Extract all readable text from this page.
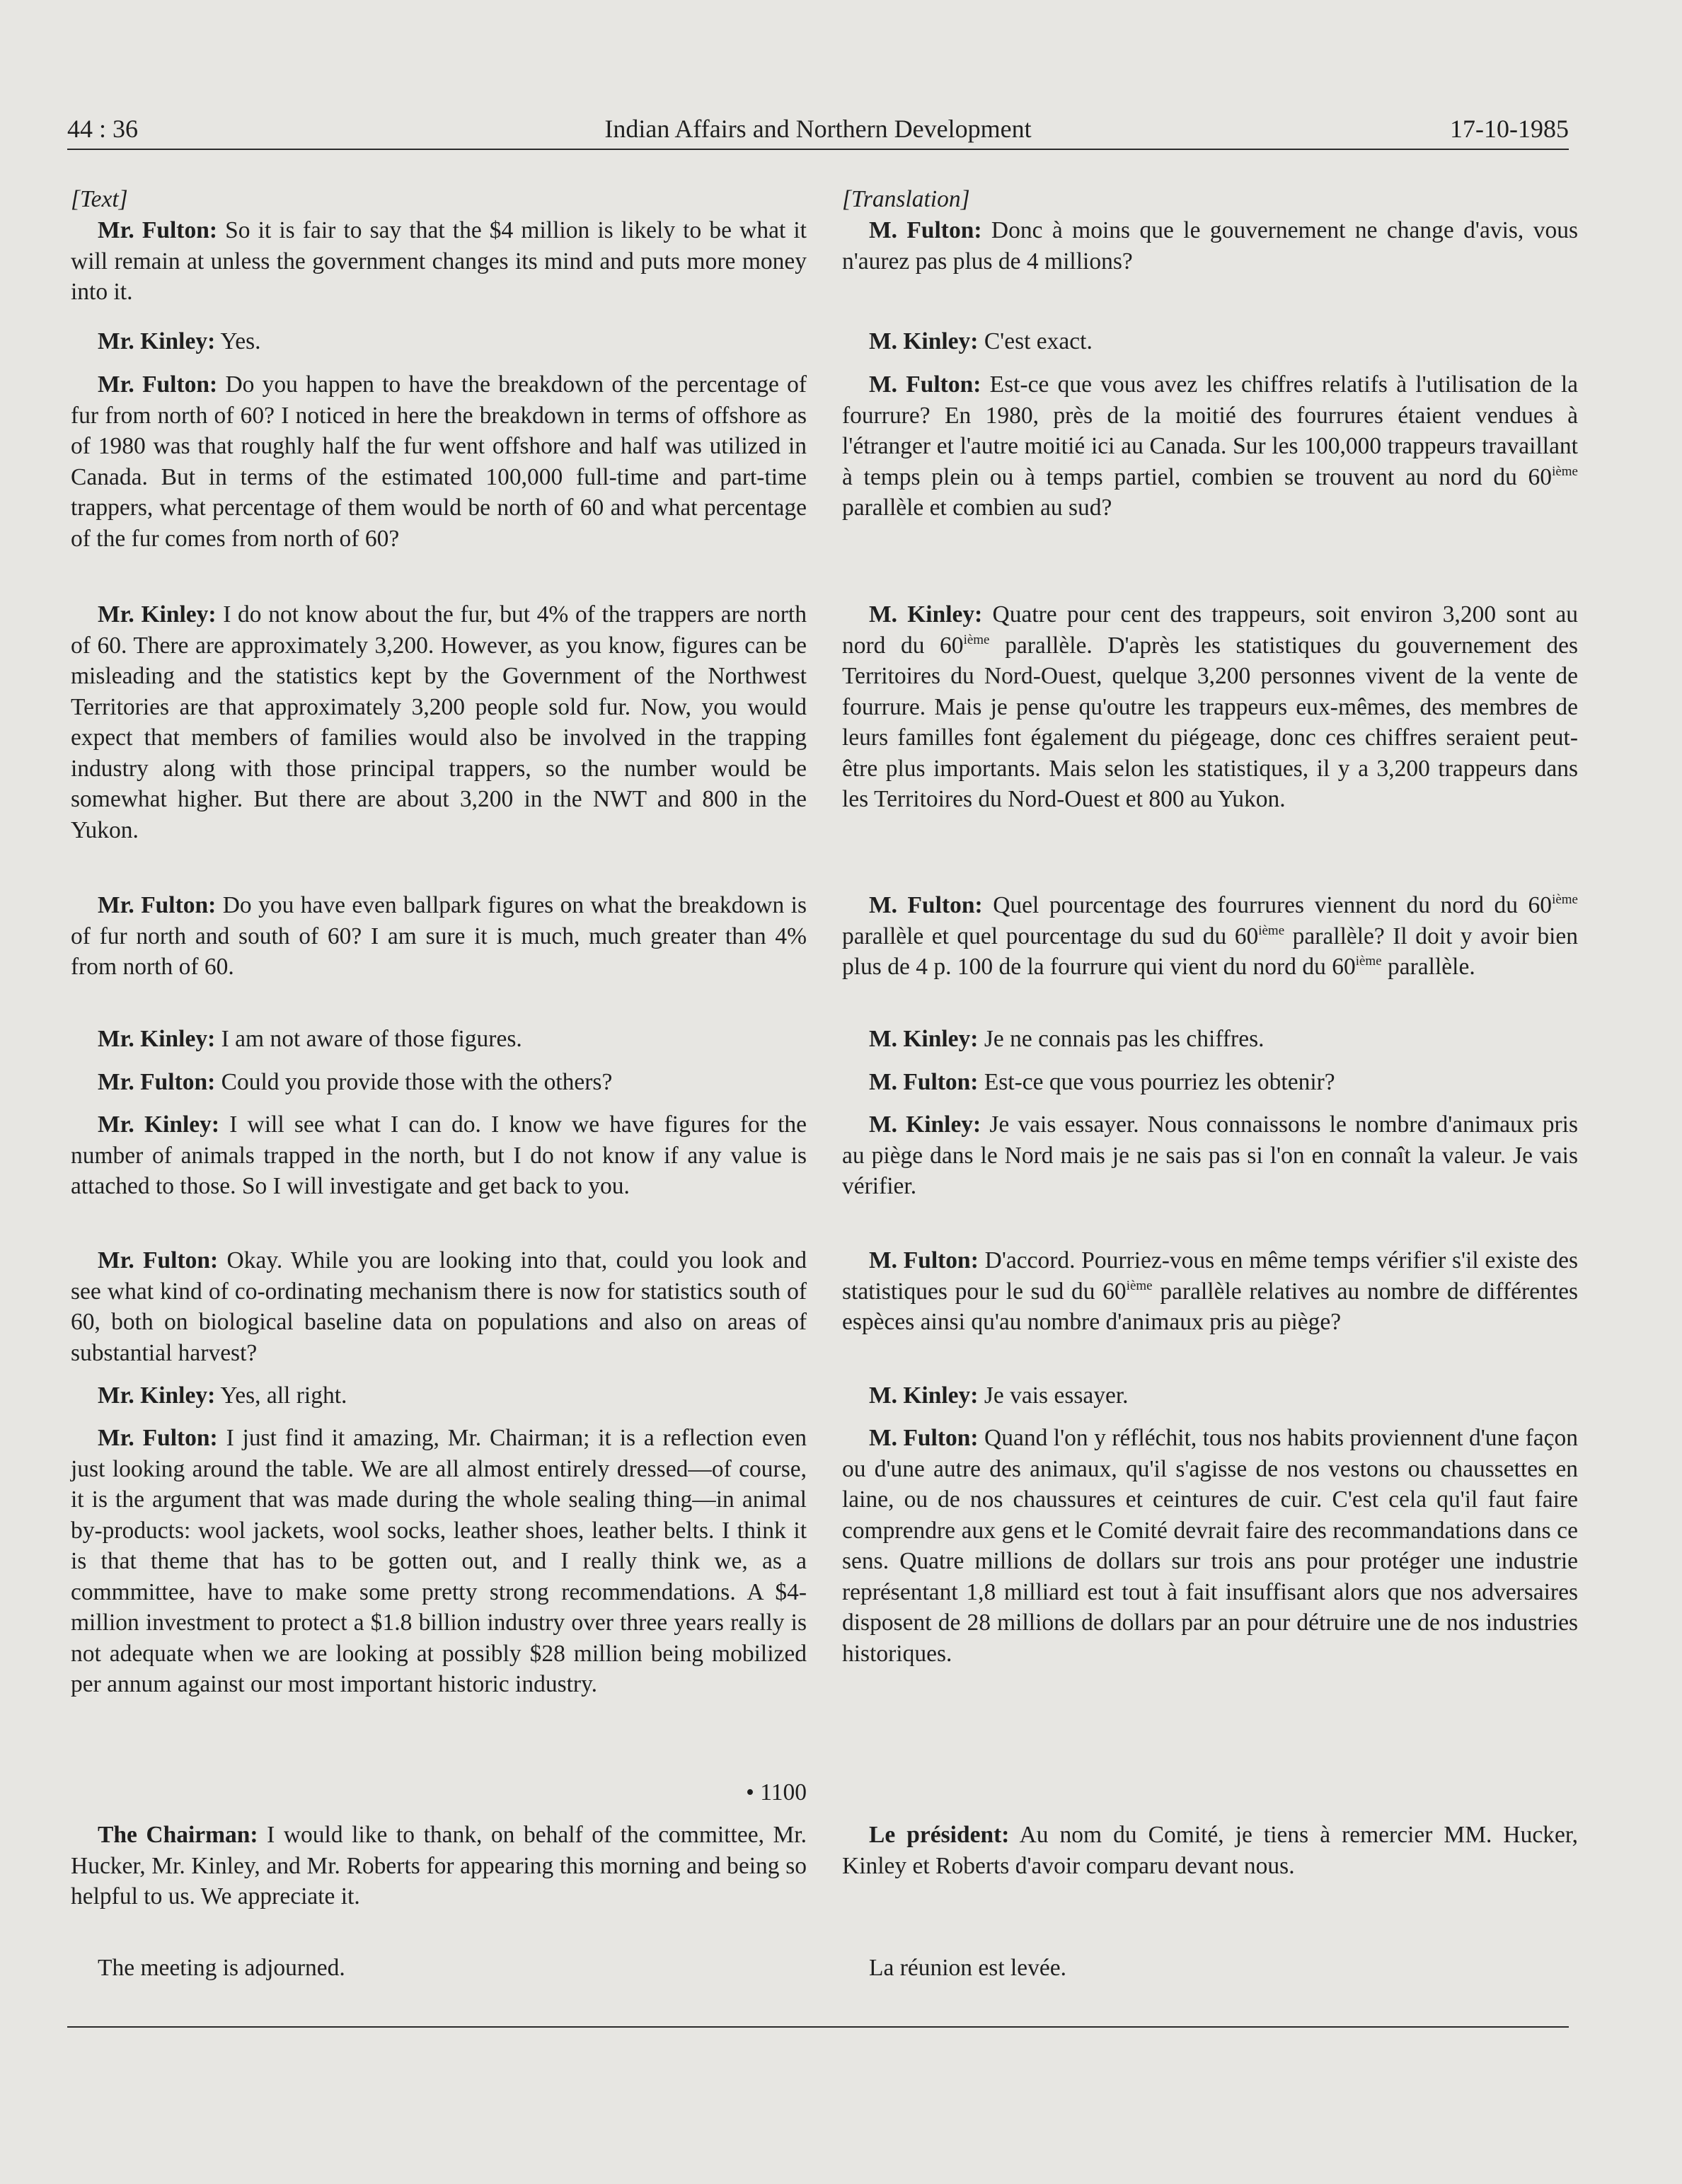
44 : 36	Indian Affairs and Northern Development	17-10-1985

[Text]

Mr. Fulton: So it is fair to say that the $4 million is likely to be what it will remain at unless the government changes its mind and puts more money into it.

Mr. Kinley: Yes.

Mr. Fulton: Do you happen to have the breakdown of the percentage of fur from north of 60? I noticed in here the breakdown in terms of offshore as of 1980 was that roughly half the fur went offshore and half was utilized in Canada. But in terms of the estimated 100,000 full-time and part-time trappers, what percentage of them would be north of 60 and what percentage of the fur comes from north of 60?

Mr. Kinley: I do not know about the fur, but 4% of the trappers are north of 60. There are approximately 3,200. However, as you know, figures can be misleading and the statistics kept by the Government of the Northwest Territories are that approximately 3,200 people sold fur. Now, you would expect that members of families would also be involved in the trapping industry along with those principal trappers, so the number would be somewhat higher. But there are about 3,200 in the NWT and 800 in the Yukon.

Mr. Fulton: Do you have even ballpark figures on what the breakdown is of fur north and south of 60? I am sure it is much, much greater than 4% from north of 60.

Mr. Kinley: I am not aware of those figures.

Mr. Fulton: Could you provide those with the others?

Mr. Kinley: I will see what I can do. I know we have figures for the number of animals trapped in the north, but I do not know if any value is attached to those. So I will investigate and get back to you.

Mr. Fulton: Okay. While you are looking into that, could you look and see what kind of co-ordinating mechanism there is now for statistics south of 60, both on biological baseline data on populations and also on areas of substantial harvest?

Mr. Kinley: Yes, all right.

Mr. Fulton: I just find it amazing, Mr. Chairman; it is a reflection even just looking around the table. We are all almost entirely dressed—of course, it is the argument that was made during the whole sealing thing—in animal by-products: wool jackets, wool socks, leather shoes, leather belts. I think it is that theme that has to be gotten out, and I really think we, as a commmittee, have to make some pretty strong recommendations. A $4-million investment to protect a $1.8 billion industry over three years really is not adequate when we are looking at possibly $28 million being mobilized per annum against our most important historic industry.

• 1100

The Chairman: I would like to thank, on behalf of the committee, Mr. Hucker, Mr. Kinley, and Mr. Roberts for appearing this morning and being so helpful to us. We appreciate it.

The meeting is adjourned.

[Translation]

M. Fulton: Donc à moins que le gouvernement ne change d'avis, vous n'aurez pas plus de 4 millions?

M. Kinley: C'est exact.

M. Fulton: Est-ce que vous avez les chiffres relatifs à l'utilisation de la fourrure? En 1980, près de la moitié des fourrures étaient vendues à l'étranger et l'autre moitié ici au Canada. Sur les 100,000 trappeurs travaillant à temps plein ou à temps partiel, combien se trouvent au nord du 60ième parallèle et combien au sud?

M. Kinley: Quatre pour cent des trappeurs, soit environ 3,200 sont au nord du 60ième parallèle. D'après les statistiques du gouvernement des Territoires du Nord-Ouest, quelque 3,200 personnes vivent de la vente de fourrure. Mais je pense qu'outre les trappeurs eux-mêmes, des membres de leurs familles font également du piégeage, donc ces chiffres seraient peut-être plus importants. Mais selon les statistiques, il y a 3,200 trappeurs dans les Territoires du Nord-Ouest et 800 au Yukon.

M. Fulton: Quel pourcentage des fourrures viennent du nord du 60ième parallèle et quel pourcentage du sud du 60ième parallèle? Il doit y avoir bien plus de 4 p. 100 de la fourrure qui vient du nord du 60ième parallèle.

M. Kinley: Je ne connais pas les chiffres.

M. Fulton: Est-ce que vous pourriez les obtenir?

M. Kinley: Je vais essayer. Nous connaissons le nombre d'animaux pris au piège dans le Nord mais je ne sais pas si l'on en connaît la valeur. Je vais vérifier.

M. Fulton: D'accord. Pourriez-vous en même temps vérifier s'il existe des statistiques pour le sud du 60ième parallèle relatives au nombre de différentes espèces ainsi qu'au nombre d'animaux pris au piège?

M. Kinley: Je vais essayer.

M. Fulton: Quand l'on y réfléchit, tous nos habits proviennent d'une façon ou d'une autre des animaux, qu'il s'agisse de nos vestons ou chaussettes en laine, ou de nos chaussures et ceintures de cuir. C'est cela qu'il faut faire comprendre aux gens et le Comité devrait faire des recommandations dans ce sens. Quatre millions de dollars sur trois ans pour protéger une industrie représentant 1,8 milliard est tout à fait insuffisant alors que nos adversaires disposent de 28 millions de dollars par an pour détruire une de nos industries historiques.

Le président: Au nom du Comité, je tiens à remercier MM. Hucker, Kinley et Roberts d'avoir comparu devant nous.

La réunion est levée.
